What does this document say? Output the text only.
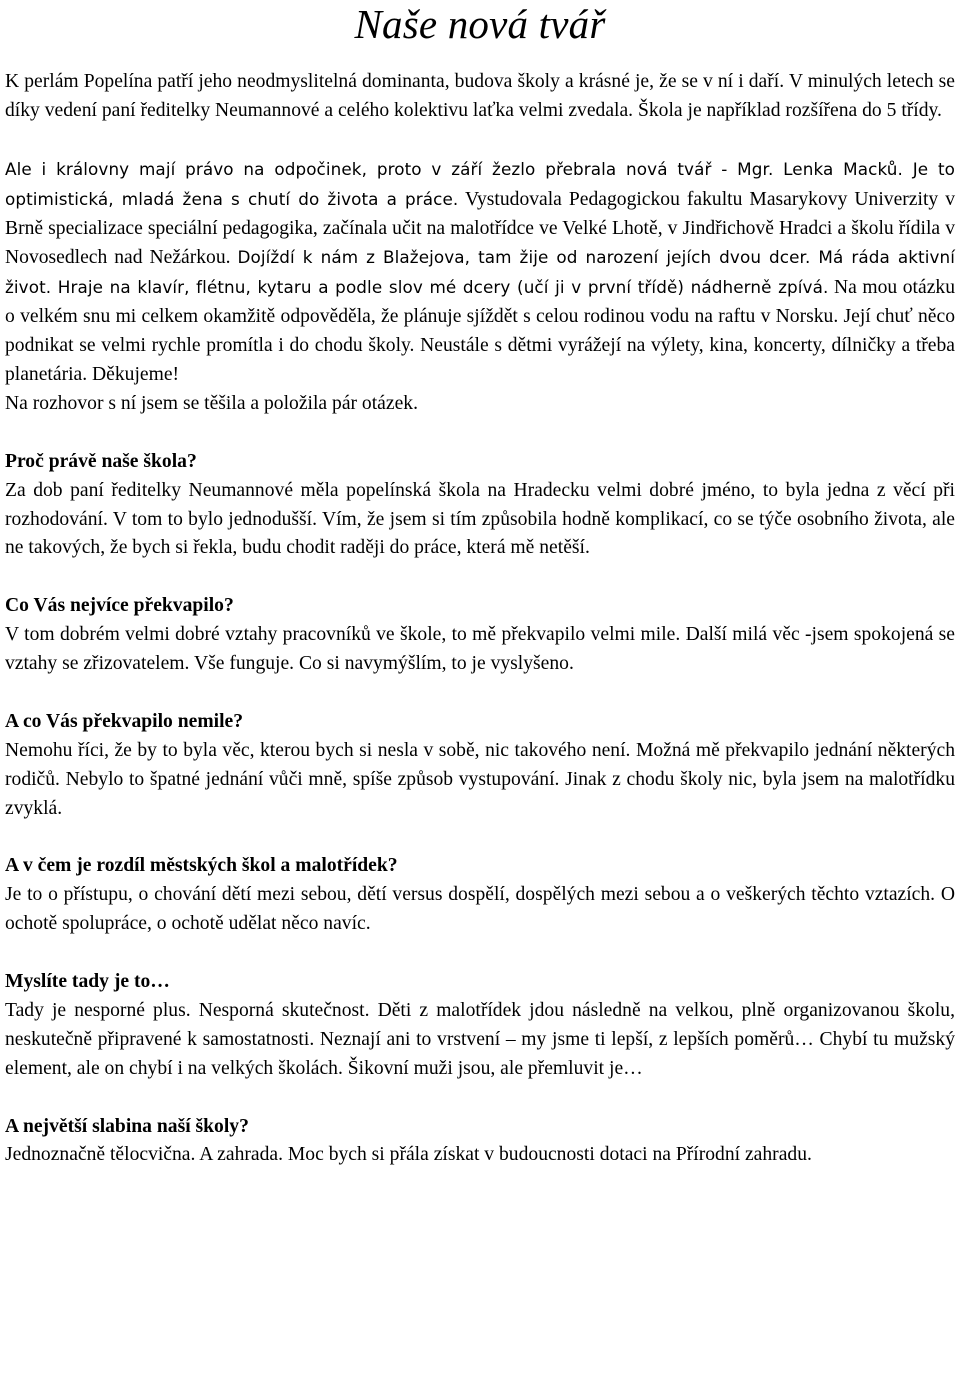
Naše nová tvář

K perlám Popelína patří jeho neodmyslitelná dominanta, budova školy a krásné je, že se v ní i daří. V minulých letech se díky vedení paní ředitelky Neumannové a celého kolektivu laťka velmi zvedala. Škola je například rozšířena do 5 třídy.

Ale i královny mají právo na odpočinek, proto v září žezlo přebrala nová tvář - Mgr. Lenka Macků. Je to optimistická, mladá žena s chutí do života a práce. Vystudovala Pedagogickou fakultu Masarykovy Univerzity v Brně specializace speciální pedagogika, začínala učit na malotřídce ve Velké Lhotě, v Jindřichově Hradci a školu řídila v Novosedlech nad Nežárkou. Dojíždí k nám z Blažejova, tam žije od narození jejích dvou dcer. Má ráda aktivní život. Hraje na klavír, flétnu, kytaru a podle slov mé dcery (učí ji v první třídě) nádherně zpívá. Na mou otázku o velkém snu mi celkem okamžitě odpověděla, že plánuje sjíždět s celou rodinou vodu na raftu v Norsku. Její chuť něco podnikat se velmi rychle promítla i do chodu školy. Neustále s dětmi vyrážejí na výlety, kina, koncerty, dílničky a třeba planetária. Děkujeme!

Na rozhovor s ní jsem se těšila a položila pár otázek.

Proč právě naše škola?

Za dob paní ředitelky Neumannové měla popelínská škola na Hradecku velmi dobré jméno, to byla jedna z věcí při rozhodování. V tom to bylo jednodušší. Vím, že jsem si tím způsobila hodně komplikací, co se týče osobního života, ale ne takových, že bych si řekla, budu chodit raději do práce, která mě netěší.

Co Vás nejvíce překvapilo?

V tom dobrém velmi dobré vztahy pracovníků ve škole, to mě překvapilo velmi mile. Další milá věc -jsem spokojená se vztahy se zřizovatelem. Vše funguje. Co si navymýšlím, to je vyslyšeno.

A co Vás překvapilo nemile?

Nemohu říci, že by to byla věc, kterou bych si nesla v sobě, nic takového není. Možná mě překvapilo jednání některých rodičů. Nebylo to špatné jednání vůči mně, spíše způsob vystupování. Jinak z chodu školy nic, byla jsem na malotřídku zvyklá.

A v čem je rozdíl městských škol a malotřídek?

Je to o přístupu, o chování dětí mezi sebou, dětí versus dospělí, dospělých mezi sebou a o veškerých těchto vztazích. O ochotě spolupráce, o ochotě udělat něco navíc.

Myslíte tady je to…

Tady je nesporné plus. Nesporná skutečnost. Děti z malotřídek jdou následně na velkou, plně organizovanou školu, neskutečně připravené k samostatnosti. Neznají ani to vrstvení – my jsme ti lepší, z lepších poměrů… Chybí tu mužský element, ale on chybí i na velkých školách. Šikovní muži jsou, ale přemluvit je…

A největší slabina naší školy?

Jednoznačně tělocvična. A zahrada. Moc bych si přála získat v budoucnosti dotaci na Přírodní zahradu.
